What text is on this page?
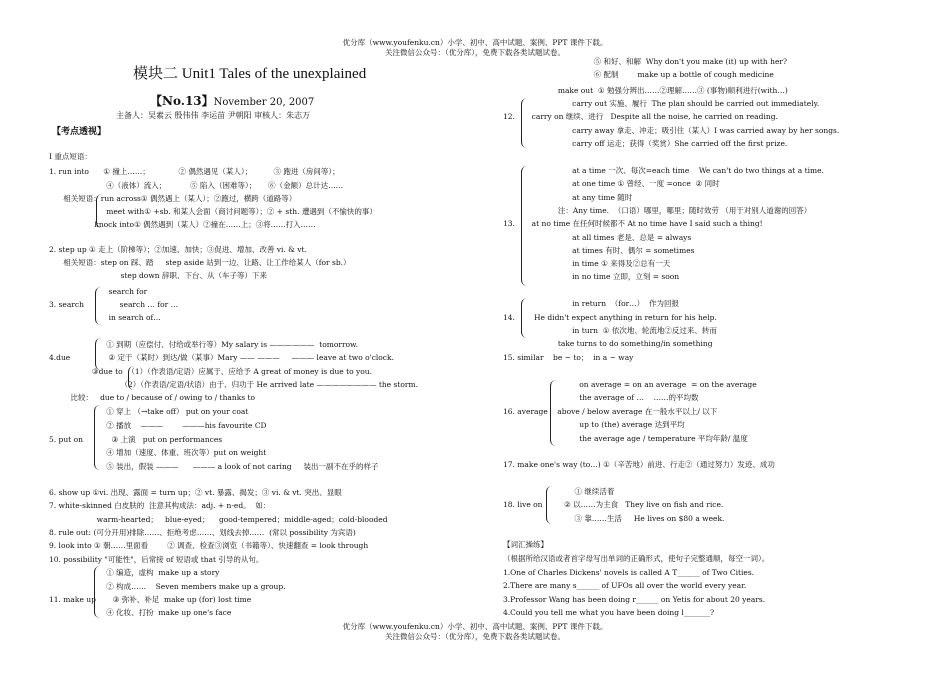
优分库（www.youfenku.cn）小学、初中、高中试题、案例、PPT 课件下载。
关注微信公众号：（优分库），免费下载各类试题试卷。
模块二 Unit1 Tales of the unexplained
【No.13】November 20, 2007
主备人：吴素云 殷伟伟 李运苗 尹朝阳 审核人：朱志万
【考点透视】
I 重点短语：
1. run into      ① 撞上……；            ② 偶然遇见（某人）；         ③ 跑进（房间等）；
④（液体）流入；          ⑤ 陷入（困难等）；     ⑥（金额）总计达……
相关短语：run across① 偶然遇上（某人）；②跑过，横跨（道路等）
meet with① +sb. 和某人会面（商讨问题等）；② + sth. 遭遇到（不愉快的事）
knock into① 偶然遇到（某人）②撞在……上；③将……打入……
2. step up ① 走上（阶梯等）；②加速、加快；③促进、增加、改善 vi. & vt.
相关短语：step on 踩、踏     step aside 站到一边、让路、让工作给某人（for sb.）
step down 辞职、下台、从（车子等）下来
search for
3. search               search … for …
in search of…
① 到期（应偿付、付给或举行等）My salary is ——————  tomorrow.
4.due                ② 定于（某时）到达/做（某事）Mary —— ———     ——— leave at two o'clock.
③due to  （1）（作表语/定语）应属于、应给予 A great of money is due to you.
（2）（作表语/定语/状语）由于、归功于 He arrived late ———————— the storm.
比较：   due to / because of / owing to / thanks to
① 穿上 （→take off） put on your coat
② 播放    ———        ———his favourite CD
5. put on            ③ 上演   put on performances
④ 增加（速度、体重、班次等）put on weight
⑤ 装出，假装 ———      ——— a look of not caring     装出一副不在乎的样子
6. show up ①vi. 出现、露面 = turn up；② vt. 暴露、揭发；③ vi. & vt. 突出、显眼
7. white-skinned 白皮肤的  注意其构成法：adj. + n-ed。  如：
warm-hearted；   blue-eyed；    good-tempered；middle-aged；cold-blooded
8. rule out: (可分开用)排除……、拒绝考虑……、划线去掉……  (常以 possibility 为宾语)
9. look into ① 朝……里面看        ② 调查、检查③浏览（书籍等）、快速翻查 = look through
10. possibility "可能性"，后常接 of 短语或 that 引导的从句。
① 编造，虚构  make up a story
② 构成……    Seven members make up a group.
11. make up       ③ 弥补、补足  make up (for) lost time
④ 化妆、打扮  make up one's face
⑤ 和好、和解  Why don't you make (it) up with her?
⑥ 配制        make up a bottle of cough medicine
make out  ① 勉强分辨出……②理解……③ (事物)顺利进行(with…)
carry out 实施、履行  The plan should be carried out immediately.
12.       carry on 继续、进行   Despite all the noise, he carried on reading.
carry away 拿走、冲走；吸引住（某人）I was carried away by her songs.
carry off 运走；获得（奖赏）She carried off the first prize.
at a time 一次、每次=each time    We can't do two things at a time.
at one time ① 曾经、一度 =once  ② 同时
at any time 随时
注：Any time.  （口语）哪里，哪里；随时效劳 （用于对别人道谢的回答）
13.       at no time 在任何时候都不 At no time have I said such a thing!
at all times 老是、总是 = always
at times 有时、偶尔 = sometimes
in time ① 来得及②总有一天
in no time 立即，立刻 = soon
in return  （for…）  作为回报
14.        He didn't expect anything in return for his help.
in turn  ① 依次地、轮流地②反过来、转而
take turns to do something/in something
15. similar    be ~ to；  in a ~ way
on average = on an average  = on the average
the average of …    ……的平均数
16. average    above / below average 在一般水平以上/ 以下
up to (the) average 达到平均
the average age / temperature 平均年龄/ 温度
17. make one's way (to…) ①（辛苦地）前进、行走②（通过努力）发迹、成功
① 继续活着
18. live on         ② 以……为主食   They live on fish and rice.
③ 靠……生活     He lives on $80 a week.
【词汇操练】
（根据所给汉语或者首字母写出单词的正确形式，使句子完整通顺，每空一词）。
1.One of Charles Dickens' novels is called A T______ of Two Cities.
2.There are many s______ of UFOs all over the world every year.
3.Professor Wang has been doing r______ on Yetis for about 20 years.
4.Could you tell me what you have been doing l_______?
优分库（www.youfenku.cn）小学、初中、高中试题、案例、PPT 课件下载。
关注微信公众号：（优分库），免费下载各类试题试卷。
